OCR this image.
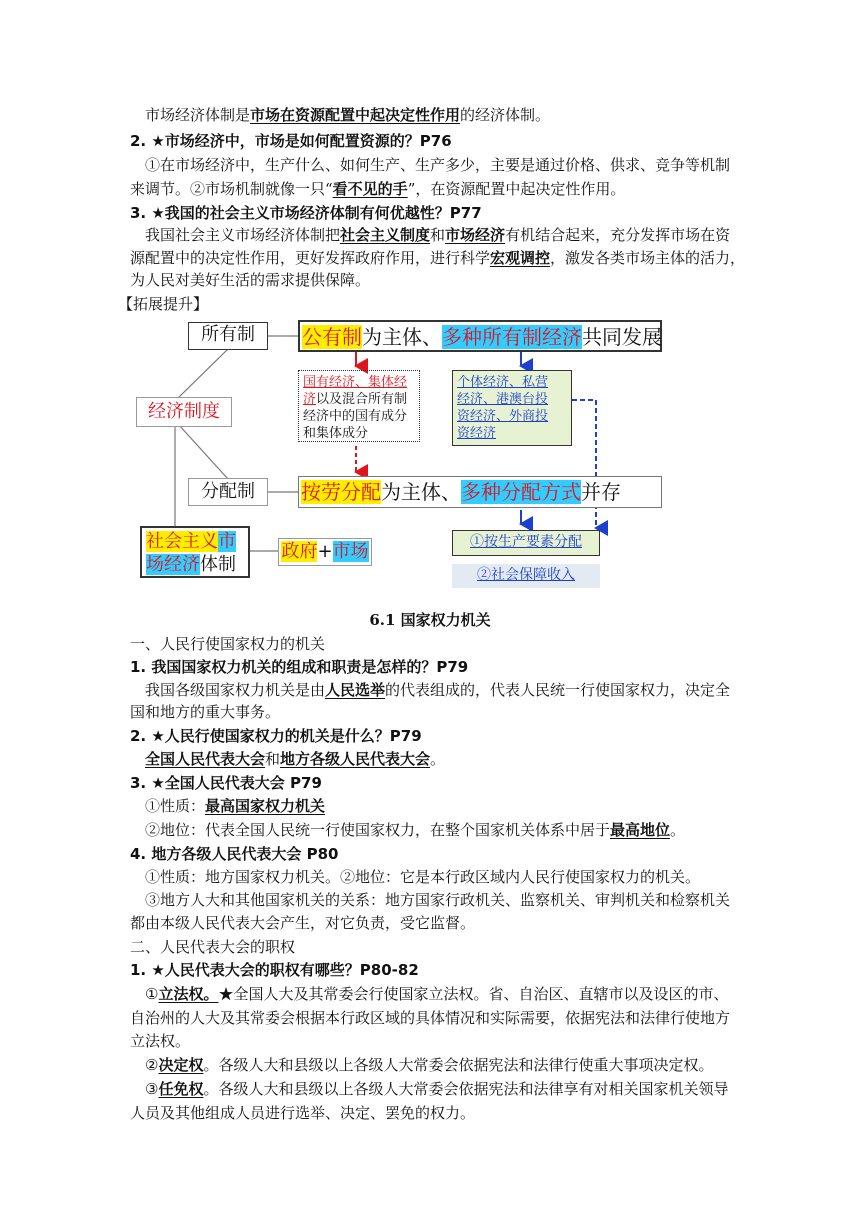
市场经济体制是市场在资源配置中起决定性作用的经济体制。
2. ★市场经济中，市场是如何配置资源的？P76
①在市场经济中，生产什么、如何生产、生产多少，主要是通过价格、供求、竞争等机制
来调节。②市场机制就像一只“看不见的手”，在资源配置中起决定性作用。
3. ★我国的社会主义市场经济体制有何优越性？P77
我国社会主义市场经济体制把社会主义制度和市场经济有机结合起来，充分发挥市场在资
源配置中的决定性作用，更好发挥政府作用，进行科学宏观调控，激发各类市场主体的活力，
为人民对美好生活的需求提供保障。
【拓展提升】
所有制	公有制为主体、多种所有制经济共同发展
经济制度
国有经济、集体经
济以及混合所有制
经济中的国有成分
和集体成分
个体经济、私营
经济、港澳台投
资经济、外商投
资经济
分配制	按劳分配为主体、多种分配方式并存
社会主义市
场经济体制
政府+市场	①按生产要素分配
②社会保障收入
6.1 国家权力机关
一、人民行使国家权力的机关
1. 我国国家权力机关的组成和职责是怎样的？P79
我国各级国家权力机关是由人民选举的代表组成的，代表人民统一行使国家权力，决定全
国和地方的重大事务。
2. ★人民行使国家权力的机关是什么？P79
全国人民代表大会和地方各级人民代表大会。
3. ★全国人民代表大会 P79
①性质：最高国家权力机关
②地位：代表全国人民统一行使国家权力，在整个国家机关体系中居于最高地位。
4. 地方各级人民代表大会 P80
①性质：地方国家权力机关。②地位：它是本行政区域内人民行使国家权力的机关。
③地方人大和其他国家机关的关系：地方国家行政机关、监察机关、审判机关和检察机关
都由本级人民代表大会产生，对它负责，受它监督。
二、人民代表大会的职权
1. ★人民代表大会的职权有哪些？P80-82
①立法权。★全国人大及其常委会行使国家立法权。省、自治区、直辖市以及设区的市、
自治州的人大及其常委会根据本行政区域的具体情况和实际需要，依据宪法和法律行使地方
立法权。
②决定权。各级人大和县级以上各级人大常委会依据宪法和法律行使重大事项决定权。
③任免权。各级人大和县级以上各级人大常委会依据宪法和法律享有对相关国家机关领导
人员及其他组成人员进行选举、决定、罢免的权力。
